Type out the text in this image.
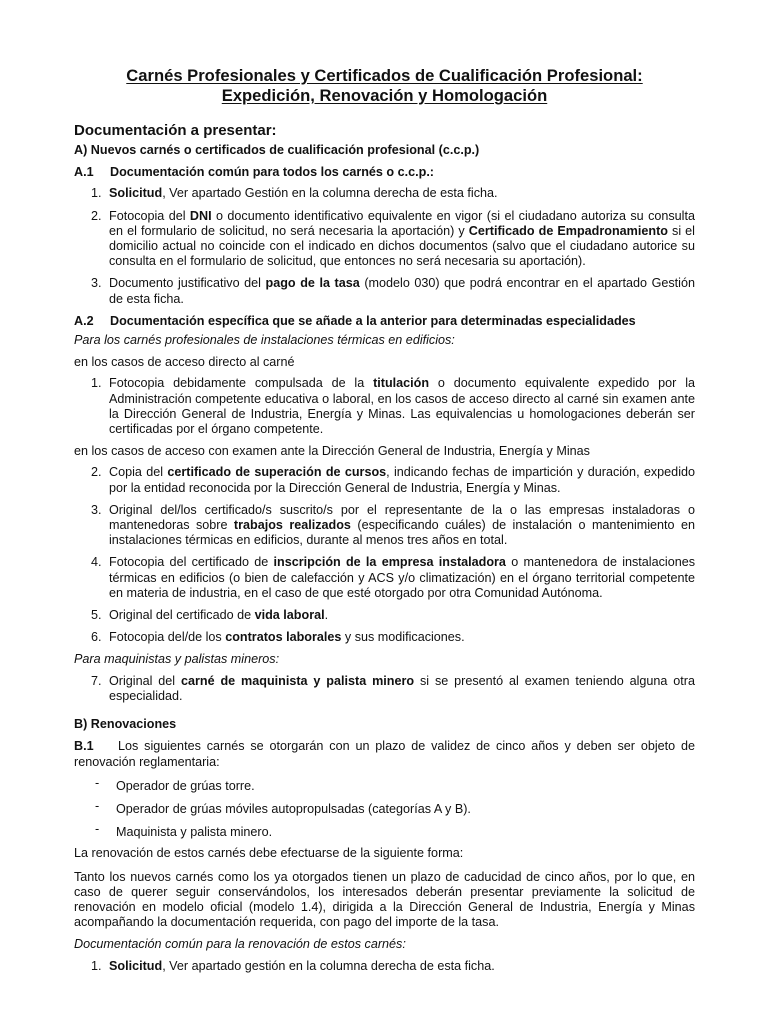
Carnés Profesionales y Certificados de Cualificación Profesional:
Expedición, Renovación y Homologación
Documentación a presentar:
A) Nuevos carnés o certificados de cualificación profesional (c.c.p.)
A.1	Documentación común para todos los carnés o c.c.p.:
1. Solicitud, Ver apartado Gestión en la columna derecha de esta ficha.
2. Fotocopia del DNI o documento identificativo equivalente en vigor (si el ciudadano autoriza su consulta en el formulario de solicitud, no será necesaria la aportación) y Certificado de Empadronamiento si el domicilio actual no coincide con el indicado en dichos documentos (salvo que el ciudadano autorice su consulta en el formulario de solicitud, que entonces no será necesaria su aportación).
3. Documento justificativo del pago de la tasa (modelo 030) que podrá encontrar en el apartado Gestión de esta ficha.
A.2	Documentación específica que se añade a la anterior para determinadas especialidades
Para los carnés profesionales de instalaciones térmicas en edificios:
en los casos de acceso directo al carné
1. Fotocopia debidamente compulsada de la titulación o documento equivalente expedido por la Administración competente educativa o laboral, en los casos de acceso directo al carné sin examen ante la Dirección General de Industria, Energía y Minas. Las equivalencias u homologaciones deberán ser certificadas por el órgano competente.
en los casos de acceso con examen ante la Dirección General de Industria, Energía y Minas
2. Copia del certificado de superación de cursos, indicando fechas de impartición y duración, expedido por la entidad reconocida por la Dirección General de Industria, Energía y Minas.
3. Original del/los certificado/s suscrito/s por el representante de la o las empresas instaladoras o mantenedoras sobre trabajos realizados (especificando cuáles) de instalación o mantenimiento en instalaciones térmicas en edificios, durante al menos tres años en total.
4. Fotocopia del certificado de inscripción de la empresa instaladora o mantenedora de instalaciones térmicas en edificios (o bien de calefacción y ACS y/o climatización) en el órgano territorial competente en materia de industria, en el caso de que esté otorgado por otra Comunidad Autónoma.
5. Original del certificado de vida laboral.
6. Fotocopia del/de los contratos laborales y sus modificaciones.
Para maquinistas y palistas mineros:
7. Original del carné de maquinista y palista minero si se presentó al examen teniendo alguna otra especialidad.
B) Renovaciones
B.1 Los siguientes carnés se otorgarán con un plazo de validez de cinco años y deben ser objeto de renovación reglamentaria:
-	Operador de grúas torre.
-	Operador de grúas móviles autopropulsadas (categorías A y B).
-	Maquinista y palista minero.
La renovación de estos carnés debe efectuarse de la siguiente forma:
Tanto los nuevos carnés como los ya otorgados tienen un plazo de caducidad de cinco años, por lo que, en caso de querer seguir conservándolos, los interesados deberán presentar previamente la solicitud de renovación en modelo oficial (modelo 1.4), dirigida a la Dirección General de Industria, Energía y Minas acompañando la documentación requerida, con pago del importe de la tasa.
Documentación común para la renovación de estos carnés:
1. Solicitud, Ver apartado gestión en la columna derecha de esta ficha.
